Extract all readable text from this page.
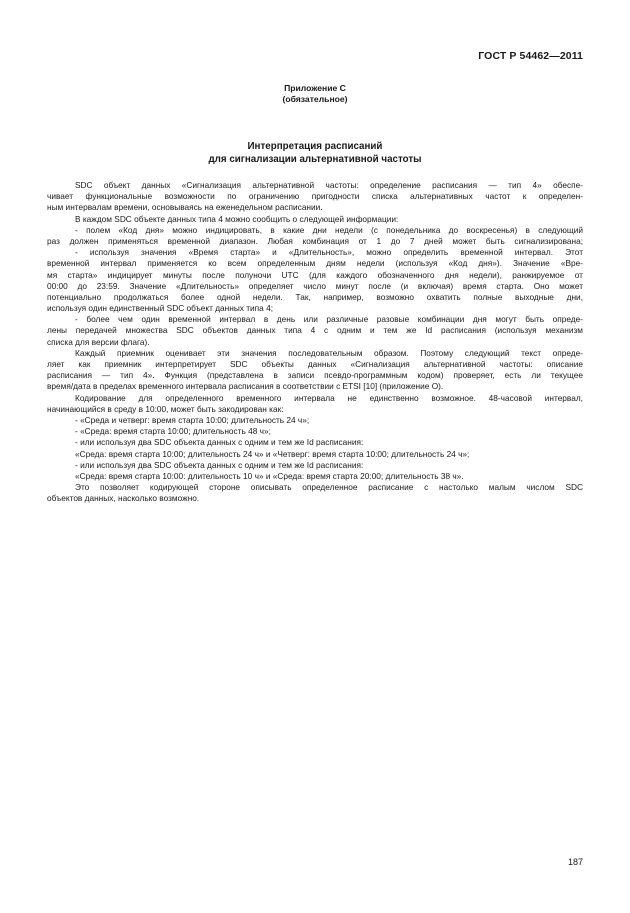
ГОСТ Р 54462—2011
Приложение С
(обязательное)
Интерпретация расписаний
для сигнализации альтернативной частоты
SDC объект данных «Сигнализация альтернативной частоты: определение расписания — тип 4» обеспе-
чивает функциональные возможности по ограничению пригодности списка альтернативных частот к определен-
ным интервалам времени, основываясь на еженедельном расписании.
В каждом SDC объекте данных типа 4 можно сообщить о следующей информации:
- полем «Код дня» можно индицировать, в какие дни недели (с понедельника до воскресенья) в следующий
раз должен применяться временной диапазон. Любая комбинация от 1 до 7 дней может быть сигнализирована;
- используя значения «Время старта» и «Длительность», можно определить временной интервал. Этот
временной интервал применяется ко всем определенным дням недели (используя «Код дня»). Значение «Вре-
мя старта» индицирует минуты после полуночи UTC (для каждого обозначенного дня недели), ранжируемое от
00:00 до 23:59. Значение «Длительность» определяет число минут после (и включая) время старта. Оно может
потенциально продолжаться более одной недели. Так, например, возможно охватить полные выходные дни,
используя один единственный SDC объект данных типа 4;
- более чем один временной интервал в день или различные разовые комбинации дня могут быть опреде-
лены передачей множества SDC объектов данных типа 4 с одним и тем же Id расписания (используя механизм
списка для версии флага).
Каждый приемник оценивает эти значения последовательным образом. Поэтому следующий текст опреде-
ляет как приемник интерпретирует SDC объекты данных «Сигнализация альтернативной частоты: описание
расписания — тип 4». Функция (представлена в записи псевдо-программным кодом) проверяет, есть ли текущее
время/дата в пределах временного интервала расписания в соответствии с ETSI [10] (приложение О).
Кодирование для определенного временного интервала не единственно возможное. 48-часовой интервал,
начинающийся в среду в 10:00, может быть закодирован как:
- «Среда и четверг: время старта 10:00; длительность 24 ч»;
- «Среда: время старта 10:00; длительность 48 ч»;
- или используя два SDC объекта данных с одним и тем же Id расписания:
«Среда: время старта 10:00; длительность 24 ч» и «Четверг: время старта 10:00; длительность 24 ч»;
- или используя два SDC объекта данных с одним и тем же Id расписания:
«Среда: время старта 10:00: длительность 10 ч» и «Среда: время старта 20:00; длительность 38 ч».
Это позволяет кодирующей стороне описывать определенное расписание с настолько малым числом SDC
объектов данных, насколько возможно.
187
